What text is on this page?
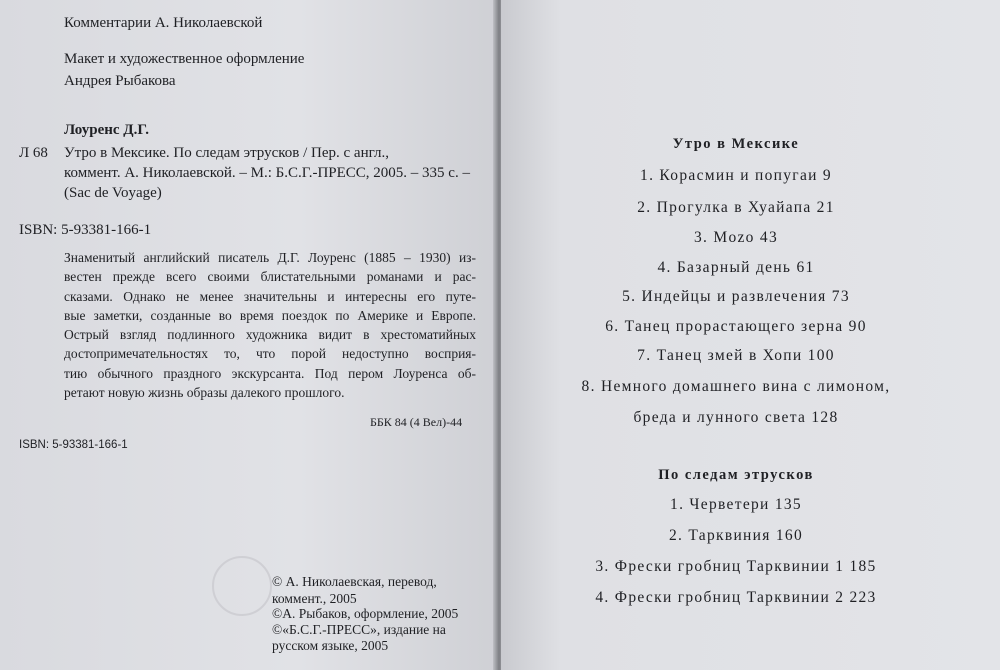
Комментарии А. Николаевской
Макет и художественное оформление
Андрея Рыбакова
Лоуренс Д.Г.
Л 68 Утро в Мексике. По следам этрусков / Пер. с англ.,
коммент. А. Николаевской. – М.: Б.С.Г.-ПРЕСС, 2005. – 335 с. –
(Sac de Voyage)
ISBN: 5-93381-166-1
Знаменитый английский писатель Д.Г. Лоуренс (1885 – 1930) из-
вестен прежде всего своими блистательными романами и рас-
сказами. Однако не менее значительны и интересны его путе-
вые заметки, созданные во время поездок по Америке и Европе.
Острый взгляд подлинного художника видит в хрестоматийных
достопримечательностях то, что порой недоступно восприя-
тию обычного праздного экскурсанта. Под пером Лоуренса об-
ретают новую жизнь образы далекого прошлого.
ББК 84 (4 Вел)-44
ISBN: 5-93381-166-1
© А. Николаевская, перевод,
коммент., 2005
©А. Рыбаков, оформление, 2005
©«Б.С.Г.-ПРЕСС», издание на
русском языке, 2005
Утро в Мексике
1. Корасмин и попугаи 9
2. Прогулка в Хуайапа 21
3. Mozo 43
4. Базарный день 61
5. Индейцы и развлечения 73
6. Танец прорастающего зерна 90
7. Танец змей в Хопи 100
8. Немного домашнего вина с лимоном,
бреда и лунного света 128
По следам этрусков
1. Черветери 135
2. Тарквиния 160
3. Фрески гробниц Тарквинии 1 185
4. Фрески гробниц Тарквинии 2 223
